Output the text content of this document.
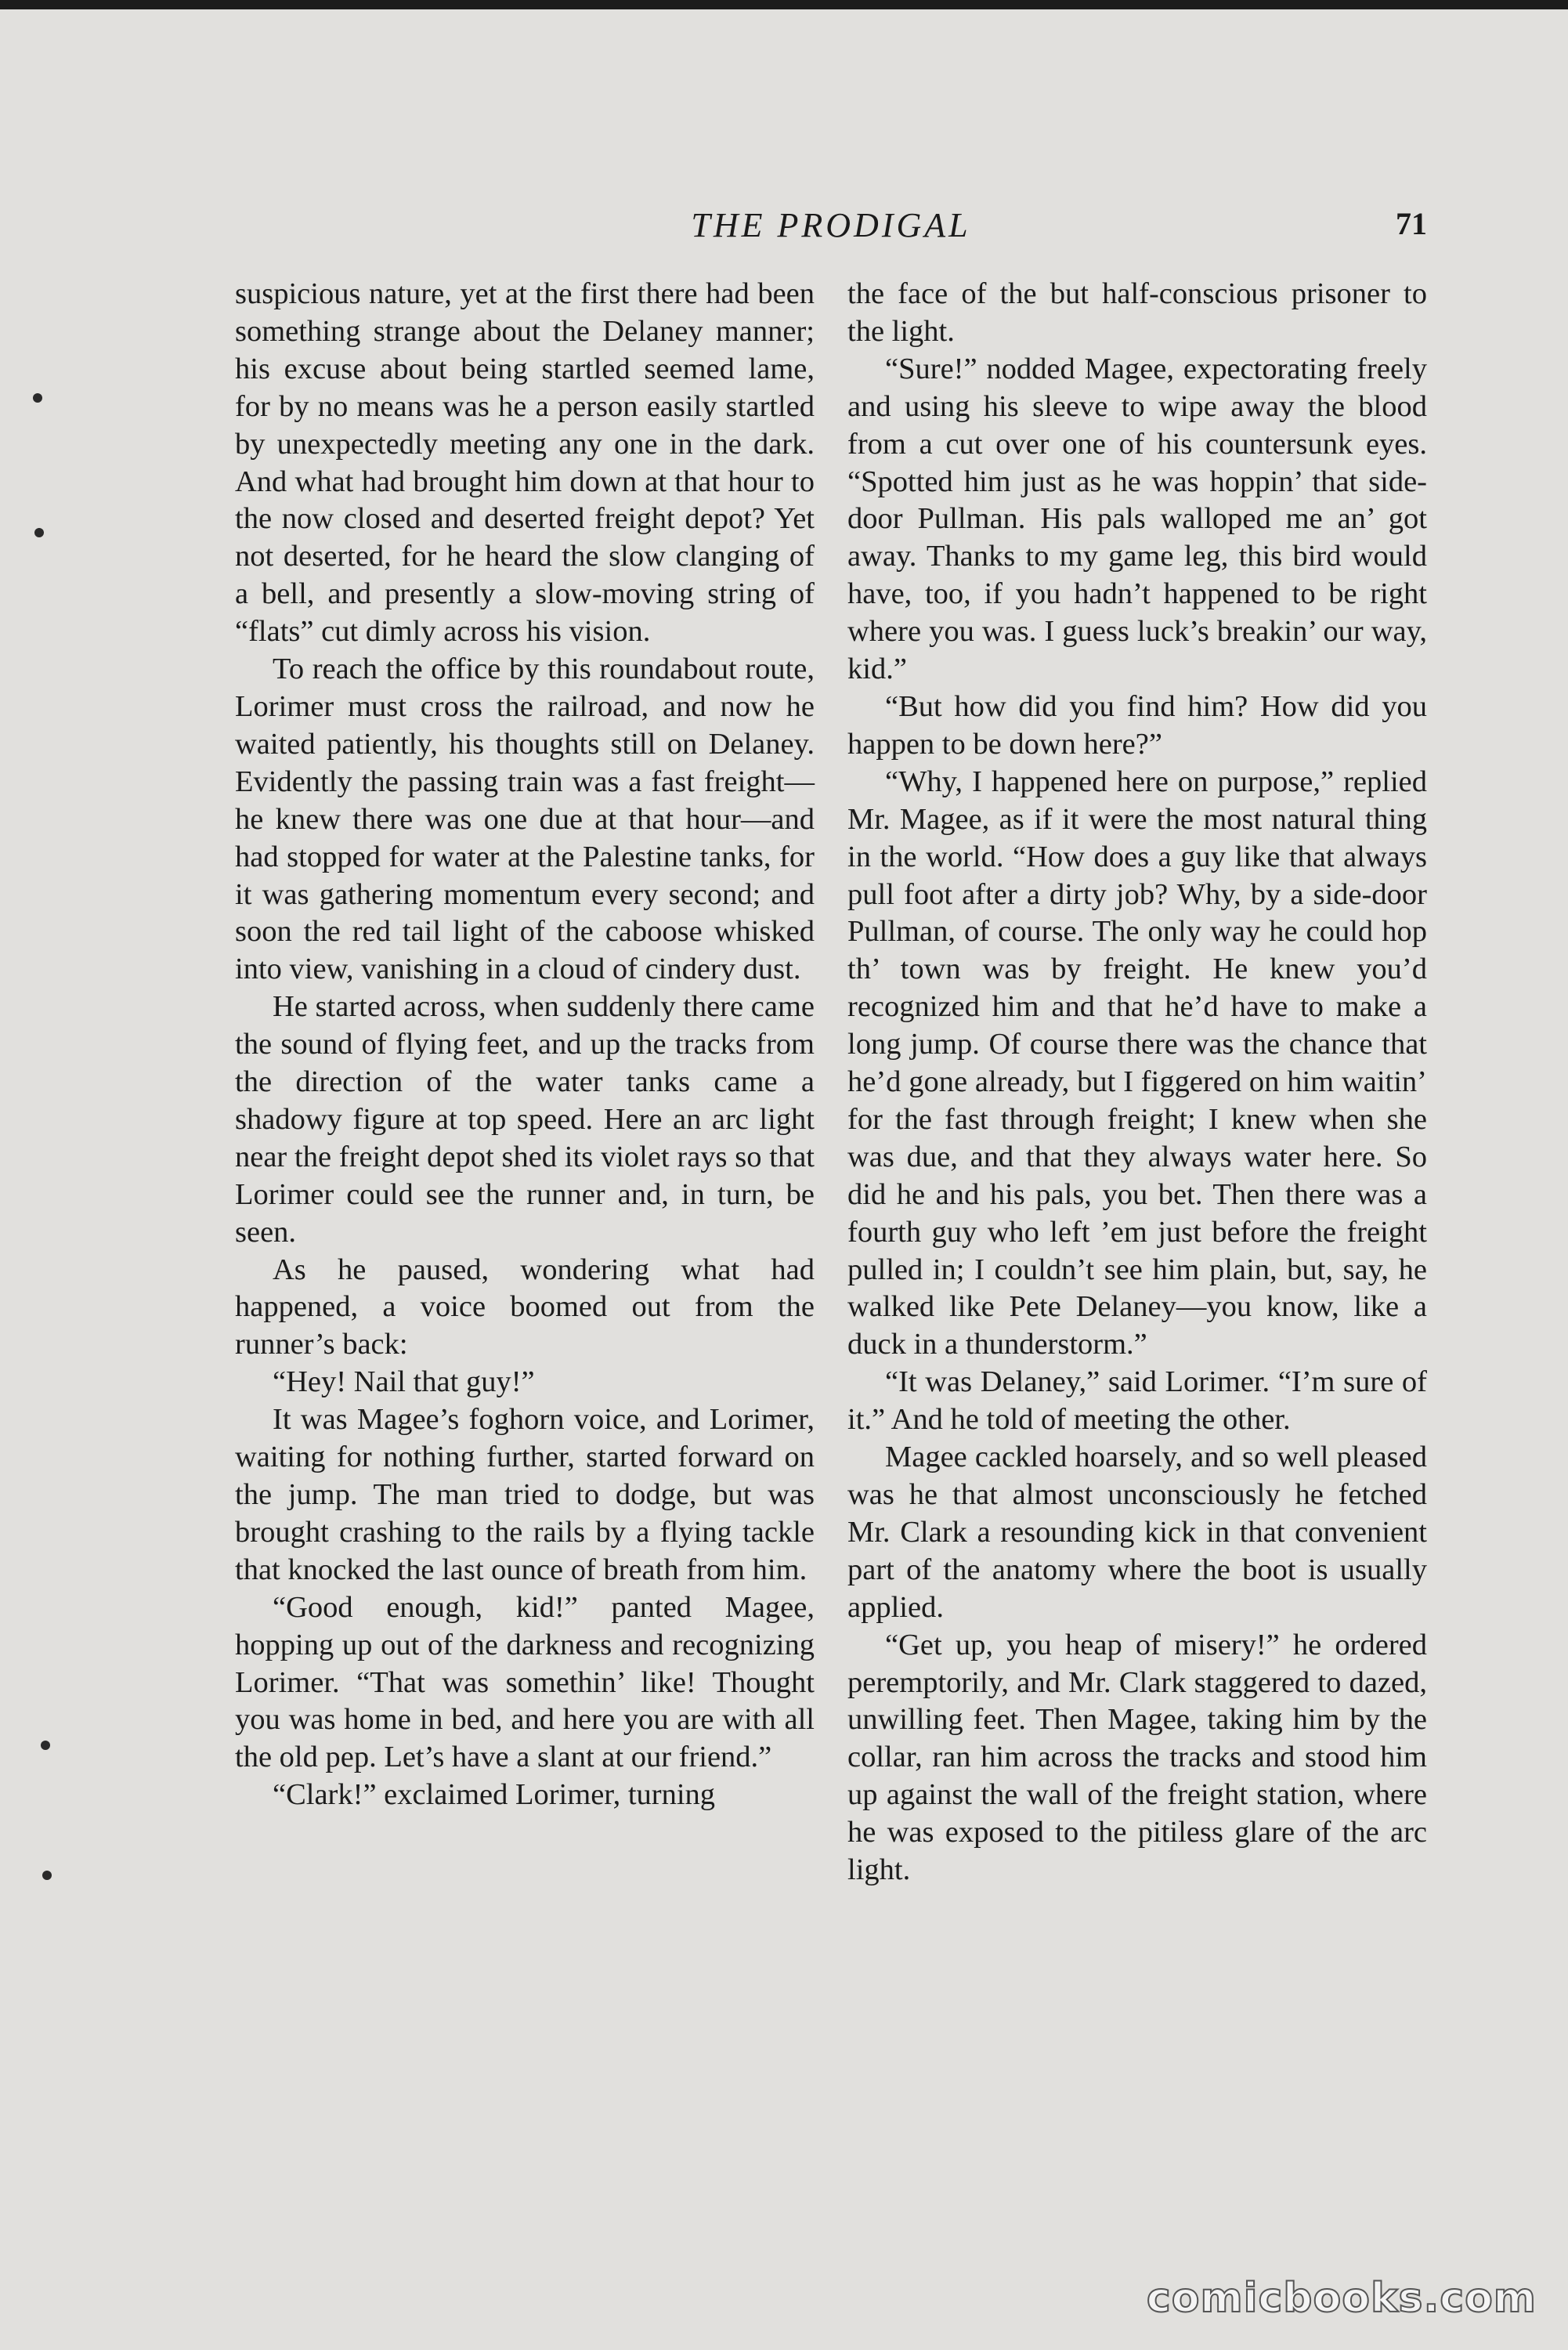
THE PRODIGAL	71

suspicious nature, yet at the first there had been something strange about the Delaney manner; his excuse about being startled seemed lame, for by no means was he a person easily startled by unexpectedly meeting any one in the dark. And what had brought him down at that hour to the now closed and deserted freight depot? Yet not deserted, for he heard the slow clanging of a bell, and presently a slow-moving string of “flats” cut dimly across his vision.

To reach the office by this roundabout route, Lorimer must cross the railroad, and now he waited patiently, his thoughts still on Delaney. Evidently the passing train was a fast freight—he knew there was one due at that hour—and had stopped for water at the Palestine tanks, for it was gathering momentum every second; and soon the red tail light of the caboose whisked into view, vanishing in a cloud of cindery dust.

He started across, when suddenly there came the sound of flying feet, and up the tracks from the direction of the water tanks came a shadowy figure at top speed. Here an arc light near the freight depot shed its violet rays so that Lorimer could see the runner and, in turn, be seen.

As he paused, wondering what had happened, a voice boomed out from the runner’s back:

“Hey! Nail that guy!”

It was Magee’s foghorn voice, and Lorimer, waiting for nothing further, started forward on the jump. The man tried to dodge, but was brought crashing to the rails by a flying tackle that knocked the last ounce of breath from him.

“Good enough, kid!” panted Magee, hopping up out of the darkness and recognizing Lorimer. “That was somethin’ like! Thought you was home in bed, and here you are with all the old pep. Let’s have a slant at our friend.”

“Clark!” exclaimed Lorimer, turning

the face of the but half-conscious prisoner to the light.

“Sure!” nodded Magee, expectorating freely and using his sleeve to wipe away the blood from a cut over one of his countersunk eyes. “Spotted him just as he was hoppin’ that side-door Pullman. His pals walloped me an’ got away. Thanks to my game leg, this bird would have, too, if you hadn’t happened to be right where you was. I guess luck’s breakin’ our way, kid.”

“But how did you find him? How did you happen to be down here?”

“Why, I happened here on purpose,” replied Mr. Magee, as if it were the most natural thing in the world. “How does a guy like that always pull foot after a dirty job? Why, by a side-door Pullman, of course. The only way he could hop th’ town was by freight. He knew you’d recognized him and that he’d have to make a long jump. Of course there was the chance that he’d gone already, but I figgered on him waitin’ for the fast through freight; I knew when she was due, and that they always water here. So did he and his pals, you bet. Then there was a fourth guy who left ’em just before the freight pulled in; I couldn’t see him plain, but, say, he walked like Pete Delaney—you know, like a duck in a thunderstorm.”

“It was Delaney,” said Lorimer. “I’m sure of it.” And he told of meeting the other.

Magee cackled hoarsely, and so well pleased was he that almost unconsciously he fetched Mr. Clark a resounding kick in that convenient part of the anatomy where the boot is usually applied.

“Get up, you heap of misery!” he ordered peremptorily, and Mr. Clark staggered to dazed, unwilling feet. Then Magee, taking him by the collar, ran him across the tracks and stood him up against the wall of the freight station, where he was exposed to the pitiless glare of the arc light.

comicbooks.com
